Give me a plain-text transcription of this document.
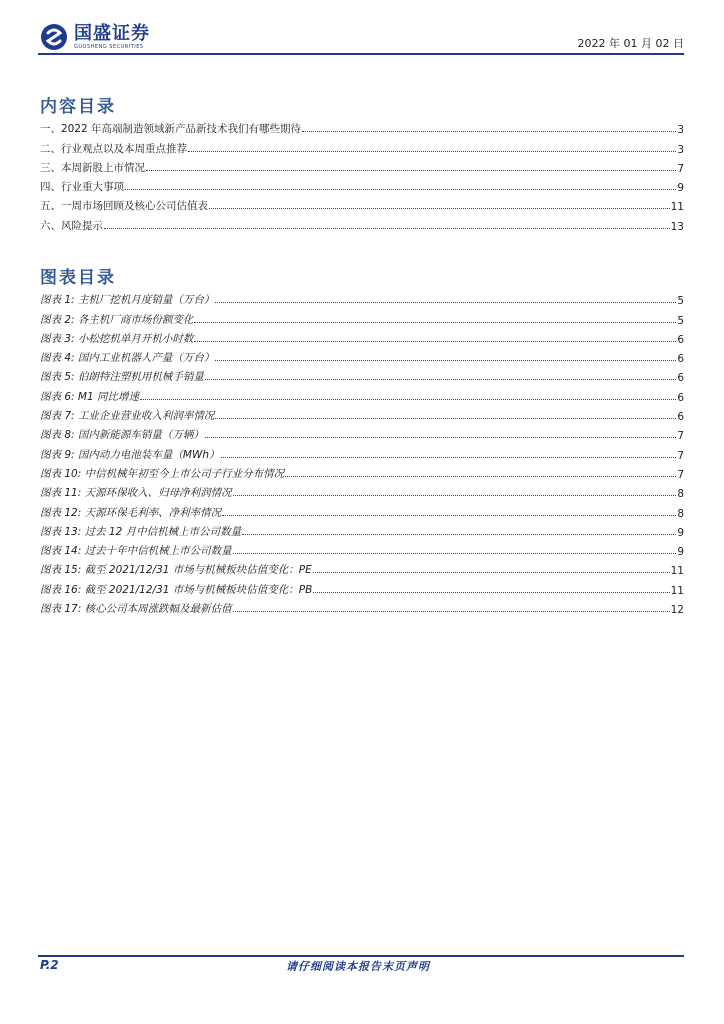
国盛证券
GUOSHENG SECURITIES	2022 年 01 月 02 日
内容目录
一、2022 年高端制造领域新产品新技术我们有哪些期待	3
二、行业观点以及本周重点推荐	3
三、本周新股上市情况	7
四、行业重大事项	9
五、一周市场回顾及核心公司估值表	11
六、风险提示	13
图表目录
图表 1: 主机厂挖机月度销量（万台）	5
图表 2: 各主机厂商市场份额变化	5
图表 3: 小松挖机单月开机小时数	6
图表 4: 国内工业机器人产量（万台）	6
图表 5: 伯朗特注塑机用机械手销量	6
图表 6: M1 同比增速	6
图表 7: 工业企业营业收入利润率情况	6
图表 8: 国内新能源车销量（万辆）	7
图表 9: 国内动力电池装车量（MWh）	7
图表 10: 中信机械年初至今上市公司子行业分布情况	7
图表 11: 天源环保收入、归母净利润情况	8
图表 12: 天源环保毛利率、净利率情况	8
图表 13: 过去 12 月中信机械上市公司数量	9
图表 14: 过去十年中信机械上市公司数量	9
图表 15: 截至 2021/12/31 市场与机械板块估值变化：PE	11
图表 16: 截至 2021/12/31 市场与机械板块估值变化：PB	11
图表 17: 核心公司本周涨跌幅及最新估值	12
P.2	请仔细阅读本报告末页声明
